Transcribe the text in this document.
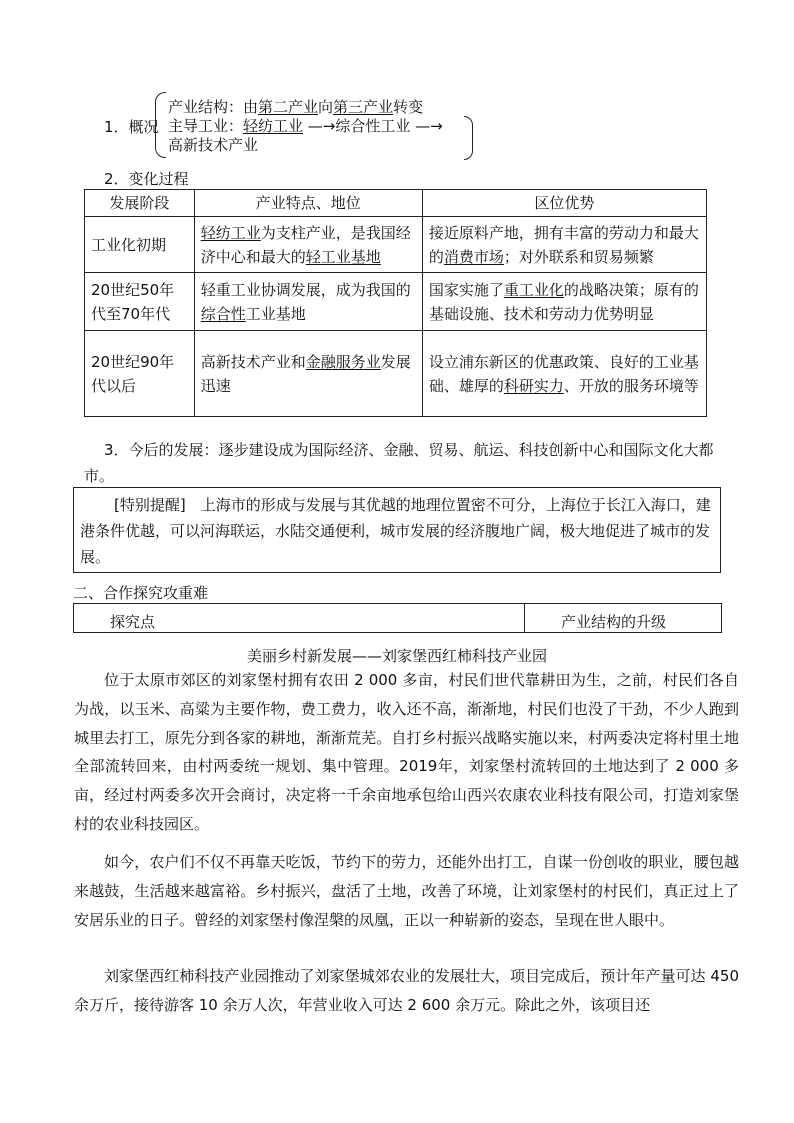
1．概况
产业结构：由第二产业向第三产业转变
主导工业：轻纺工业 —→综合性工业 —→
高新技术产业
2．变化过程
发展阶段	产业特点、地位	区位优势
工业化初期	轻纺工业为支柱产业，是我国经济中心和最大的轻工业基地	接近原料产地，拥有丰富的劳动力和最大的消费市场；对外联系和贸易频繁
20世纪50年代至70年代	轻重工业协调发展，成为我国的综合性工业基地	国家实施了重工业化的战略决策；原有的基础设施、技术和劳动力优势明显
20世纪90年代以后	高新技术产业和金融服务业发展迅速	设立浦东新区的优惠政策、良好的工业基础、雄厚的科研实力、开放的服务环境等
3．今后的发展：逐步建设成为国际经济、金融、贸易、航运、科技创新中心和国际文化大都市。
[特别提醒]　 上海市的形成与发展与其优越的地理位置密不可分，上海位于长江入海口，建港条件优越，可以河海联运，水陆交通便利，城市发展的经济腹地广阔，极大地促进了城市的发展。
二、合作探究攻重难
探究点	产业结构的升级
美丽乡村新发展——刘家堡西红柿科技产业园

位于太原市郊区的刘家堡村拥有农田 2 000 多亩，村民们世代靠耕田为生，之前，村民们各自为战，以玉米、高粱为主要作物，费工费力，收入还不高，渐渐地，村民们也没了干劲，不少人跑到城里去打工，原先分到各家的耕地，渐渐荒芜。自打乡村振兴战略实施以来，村两委决定将村里土地全部流转回来，由村两委统一规划、集中管理。2019年，刘家堡村流转回的土地达到了 2 000 多亩，经过村两委多次开会商讨，决定将一千余亩地承包给山西兴农康农业科技有限公司，打造刘家堡村的农业科技园区。

如今，农户们不仅不再靠天吃饭，节约下的劳力，还能外出打工，自谋一份创收的职业，腰包越来越鼓，生活越来越富裕。乡村振兴，盘活了土地，改善了环境，让刘家堡村的村民们，真正过上了安居乐业的日子。曾经的刘家堡村像涅槃的凤凰，正以一种崭新的姿态，呈现在世人眼中。

刘家堡西红柿科技产业园推动了刘家堡城郊农业的发展壮大，项目完成后，预计年产量可达 450 余万斤，接待游客 10 余万人次，年营业收入可达 2 600 余万元。除此之外，该项目还
